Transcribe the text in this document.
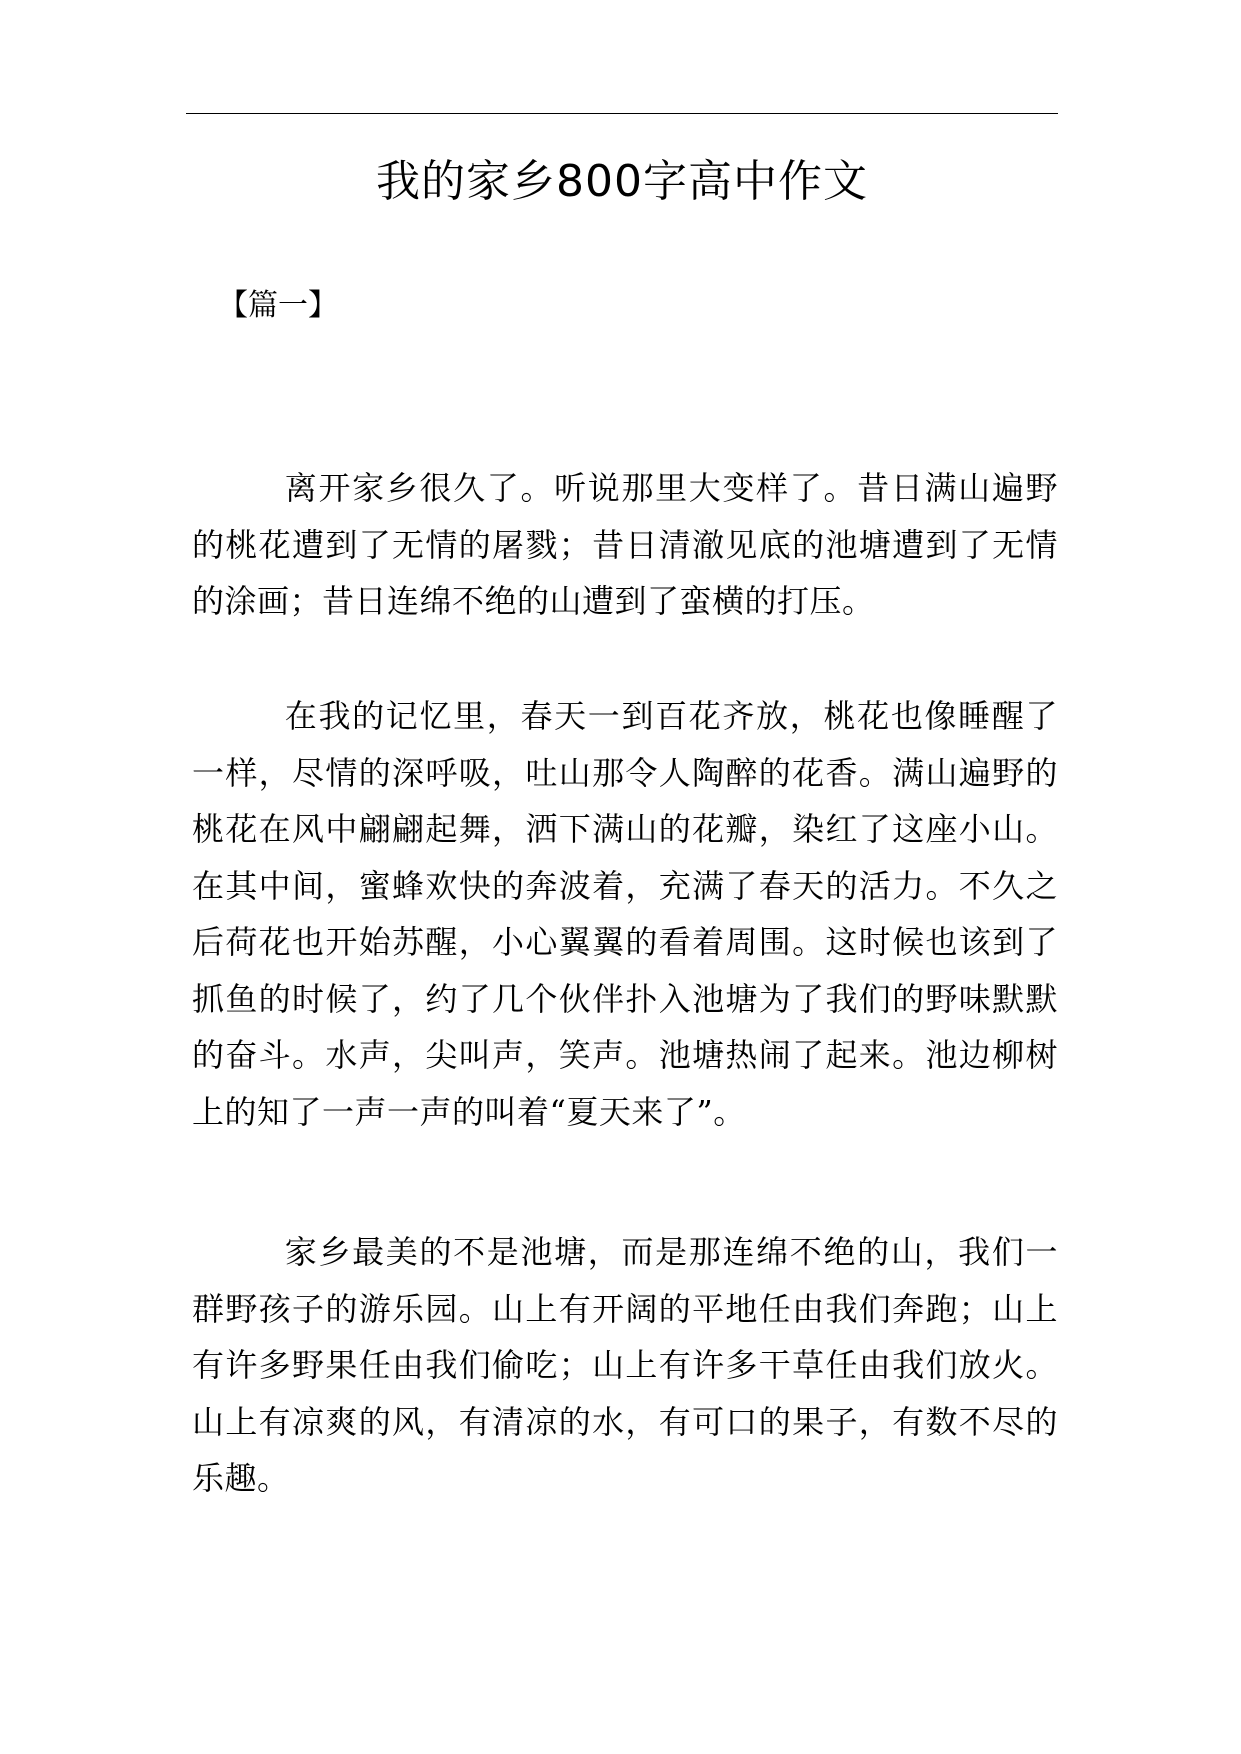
我的家乡800字高中作文
【篇一】

离开家乡很久了。听说那里大变样了。昔日满山遍野的桃花遭到了无情的屠戮；昔日清澈见底的池塘遭到了无情的涂画；昔日连绵不绝的山遭到了蛮横的打压。

在我的记忆里，春天一到百花齐放，桃花也像睡醒了一样，尽情的深呼吸，吐山那令人陶醉的花香。满山遍野的桃花在风中翩翩起舞，洒下满山的花瓣，染红了这座小山。在其中间，蜜蜂欢快的奔波着，充满了春天的活力。不久之后荷花也开始苏醒，小心翼翼的看着周围。这时候也该到了抓鱼的时候了，约了几个伙伴扑入池塘为了我们的野味默默的奋斗。水声，尖叫声，笑声。池塘热闹了起来。池边柳树上的知了一声一声的叫着“夏天来了”。

家乡最美的不是池塘，而是那连绵不绝的山，我们一群野孩子的游乐园。山上有开阔的平地任由我们奔跑；山上有许多野果任由我们偷吃；山上有许多干草任由我们放火。山上有凉爽的风，有清凉的水，有可口的果子，有数不尽的乐趣。
